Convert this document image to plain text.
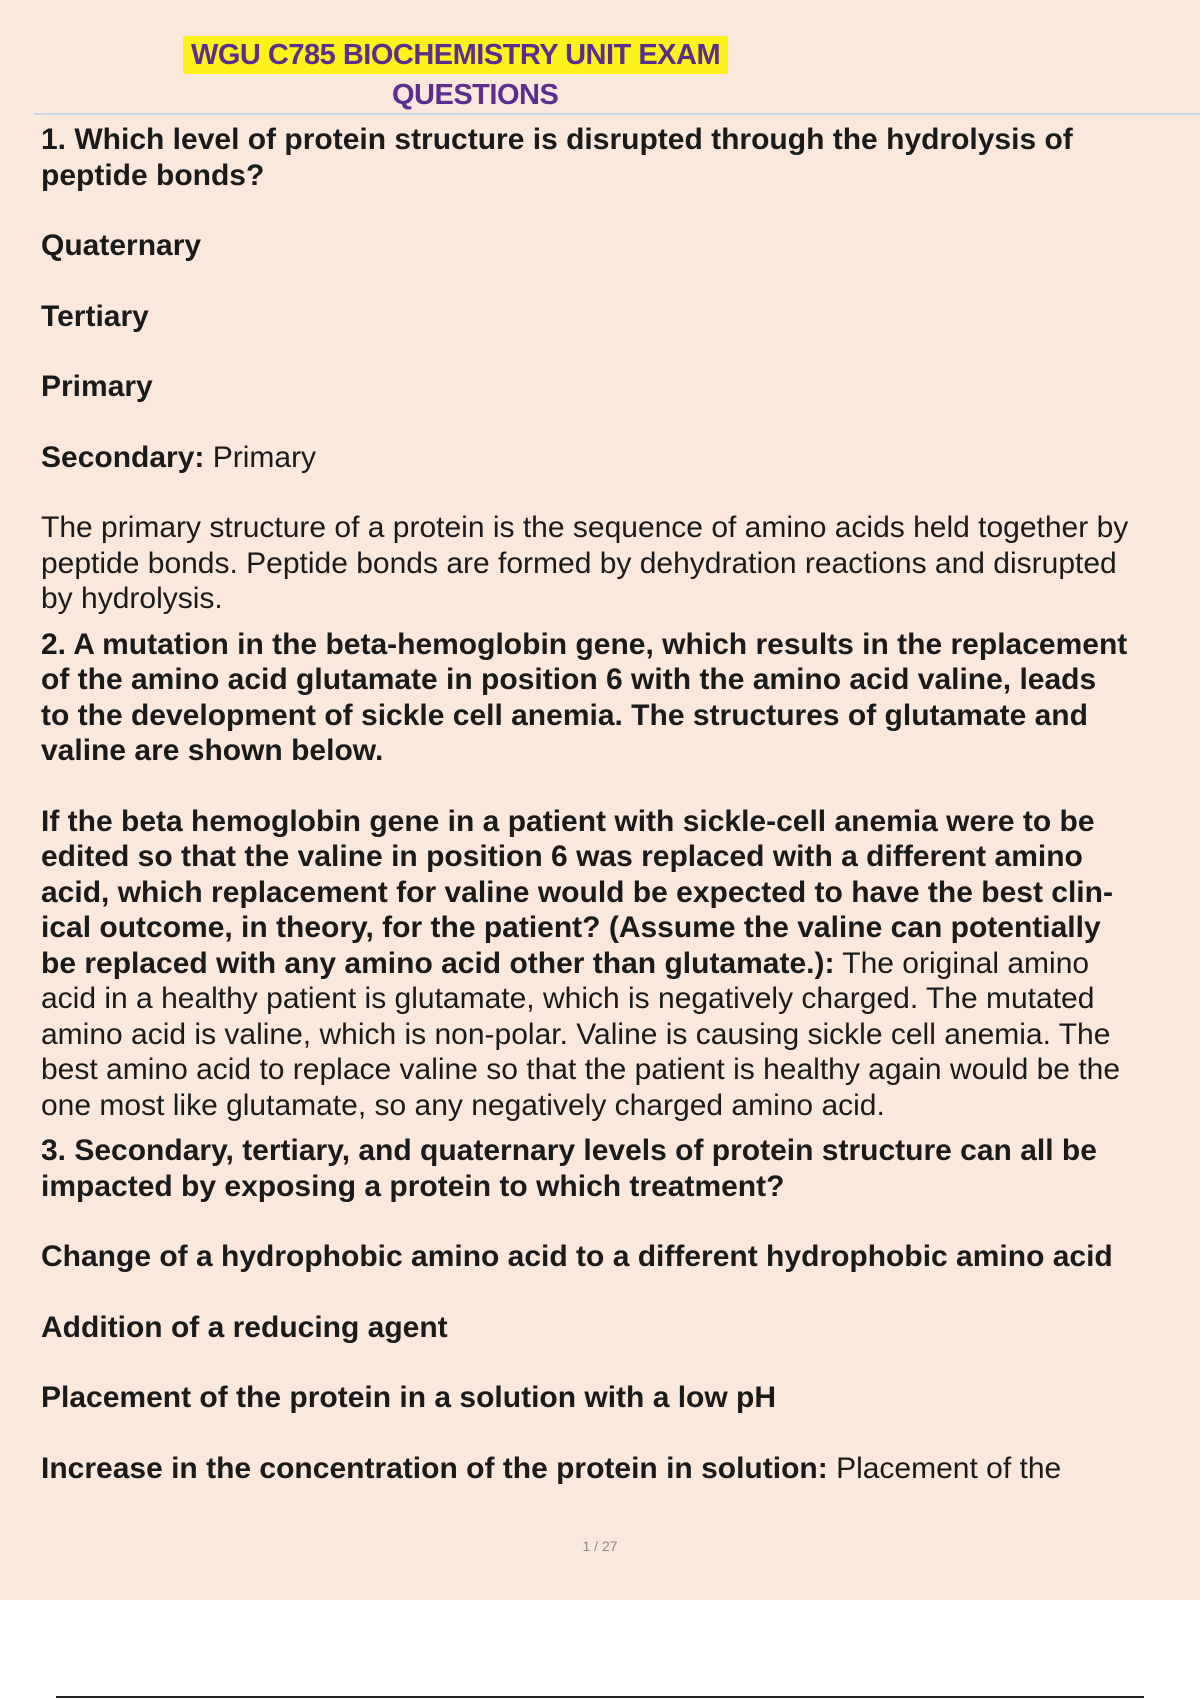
WGU C785 BIOCHEMISTRY UNIT EXAM
QUESTIONS

1. Which level of protein structure is disrupted through the hydrolysis of

peptide bonds?

Quaternary

Tertiary

Primary

Secondary: Primary

The primary structure of a protein is the sequence of amino acids held together by

peptide bonds. Peptide bonds are formed by dehydration reactions and disrupted

by hydrolysis.

2. A mutation in the beta-hemoglobin gene, which results in the replacement

of the amino acid glutamate in position 6 with the amino acid valine, leads

to the development of sickle cell anemia. The structures of glutamate and

valine are shown below.

If the beta hemoglobin gene in a patient with sickle-cell anemia were to be

edited so that the valine in position 6 was replaced with a different amino

acid, which replacement for valine would be expected to have the best clin-

ical outcome, in theory, for the patient? (Assume the valine can potentially

be replaced with any amino acid other than glutamate.): The original amino

acid in a healthy patient is glutamate, which is negatively charged. The mutated

amino acid is valine, which is non-polar. Valine is causing sickle cell anemia. The

best amino acid to replace valine so that the patient is healthy again would be the

one most like glutamate, so any negatively charged amino acid.

3. Secondary, tertiary, and quaternary levels of protein structure can all be

impacted by exposing a protein to which treatment?

Change of a hydrophobic amino acid to a different hydrophobic amino acid

Addition of a reducing agent

Placement of the protein in a solution with a low pH

Increase in the concentration of the protein in solution: Placement of the

1 / 27
